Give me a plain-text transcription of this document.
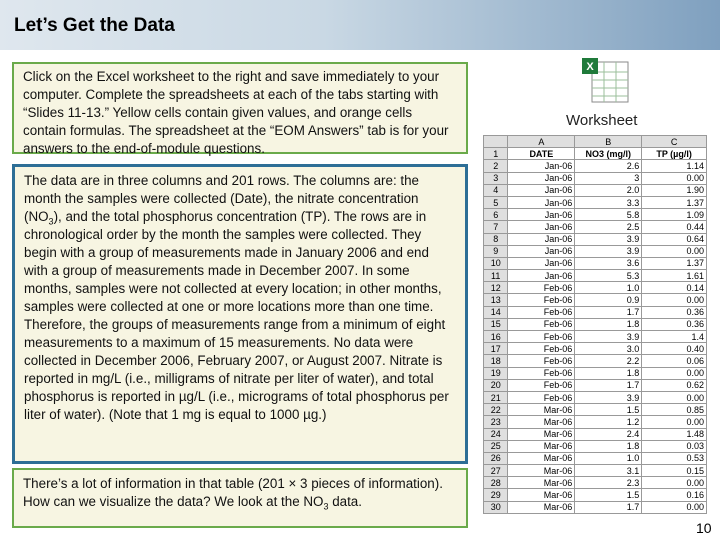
Let’s Get the Data

Click on the Excel worksheet to the right and save immediately to your computer. Complete the spreadsheets at each of the tabs starting with “Slides 11-13.” Yellow cells contain given values, and orange cells contain formulas. The spreadsheet at the “EOM Answers” tab is for your answers to the end-of-module questions.

The data are in three columns and 201 rows. The columns are: the month the samples were collected (Date), the nitrate concentration $(NO_3)$, and the total phosphorus concentration (TP). The rows are in chronological order by the month the samples were collected. They begin with a group of measurements made in January 2006 and end with a group of measurements made in December 2007. In some months, samples were not collected at every location; in other months, samples were collected at one or more locations more than one time. Therefore, the groups of measurements range from a minimum of eight measurements to a maximum of 15 measurements. No data were collected in December 2006, February 2007, or August 2007. Nitrate is reported in mg/L (i.e., milligrams of nitrate per liter of water), and total phosphorus is reported in µg/L (i.e., micrograms of total phosphorus per liter of water). (Note that 1 mg is equal to 1000 µg.)

There’s a lot of information in that table (201 × 3 pieces of information). How can we visualize the data? We look at the $NO_3$ data.

X
Worksheet
	A	B	C
1	DATE	NO3 (mg/l)	TP (µg/l)
2	Jan-06	2.6	1.14
3	Jan-06	3	0.00
4	Jan-06	2.0	1.90
5	Jan-06	3.3	1.37
6	Jan-06	5.8	1.09
7	Jan-06	2.5	0.44
8	Jan-06	3.9	0.64
9	Jan-06	3.9	0.00
10	Jan-06	3.6	1.37
11	Jan-06	5.3	1.61
12	Feb-06	1.0	0.14
13	Feb-06	0.9	0.00
14	Feb-06	1.7	0.36
15	Feb-06	1.8	0.36
16	Feb-06	3.9	1.4
17	Feb-06	3.0	0.40
18	Feb-06	2.2	0.06
19	Feb-06	1.8	0.00
20	Feb-06	1.7	0.62
21	Feb-06	3.9	0.00
22	Mar-06	1.5	0.85
23	Mar-06	1.2	0.00
24	Mar-06	2.4	1.48
25	Mar-06	1.8	0.03
26	Mar-06	1.0	0.53
27	Mar-06	3.1	0.15
28	Mar-06	2.3	0.00
29	Mar-06	1.5	0.16
30	Mar-06	1.7	0.00
10
